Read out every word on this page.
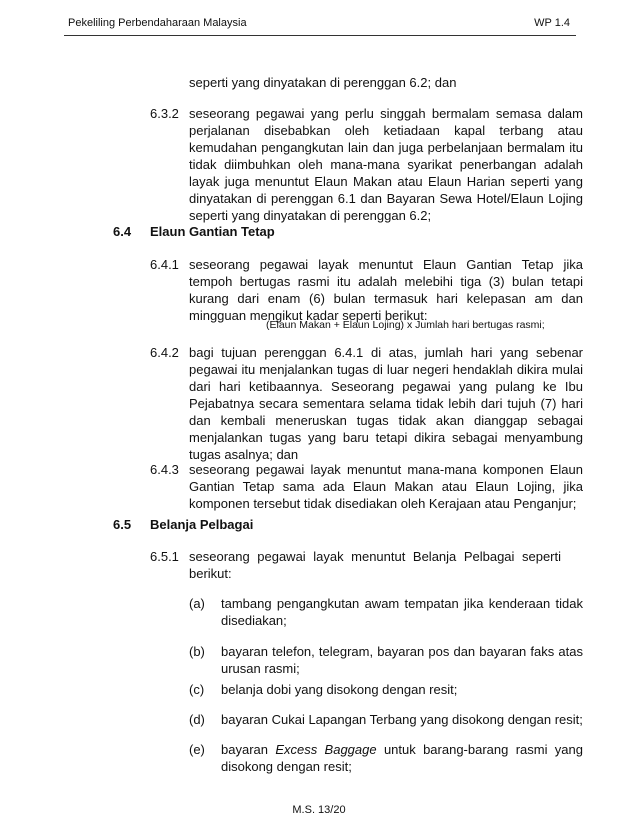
Pekeliling Perbendaharaan Malaysia	WP 1.4
seperti yang dinyatakan di perenggan 6.2; dan
6.3.2 seseorang pegawai yang perlu singgah bermalam semasa dalam perjalanan disebabkan oleh ketiadaan kapal terbang atau kemudahan pengangkutan lain dan juga perbelanjaan bermalam itu tidak diimbuhkan oleh mana-mana syarikat penerbangan adalah layak juga menuntut Elaun Makan atau Elaun Harian seperti yang dinyatakan di perenggan 6.1 dan Bayaran Sewa Hotel/Elaun Lojing seperti yang dinyatakan di perenggan 6.2;
6.4 Elaun Gantian Tetap
6.4.1 seseorang pegawai layak menuntut Elaun Gantian Tetap jika tempoh bertugas rasmi itu adalah melebihi tiga (3) bulan tetapi kurang dari enam (6) bulan termasuk hari kelepasan am dan mingguan mengikut kadar seperti berikut:
(Elaun Makan + Elaun Lojing) x Jumlah hari bertugas rasmi;
6.4.2 bagi tujuan perenggan 6.4.1 di atas, jumlah hari yang sebenar pegawai itu menjalankan tugas di luar negeri hendaklah dikira mulai dari hari ketibaannya. Seseorang pegawai yang pulang ke Ibu Pejabatnya secara sementara selama tidak lebih dari tujuh (7) hari dan kembali meneruskan tugas tidak akan dianggap sebagai menjalankan tugas yang baru tetapi dikira sebagai menyambung tugas asalnya; dan
6.4.3 seseorang pegawai layak menuntut mana-mana komponen Elaun Gantian Tetap sama ada Elaun Makan atau Elaun Lojing, jika komponen tersebut tidak disediakan oleh Kerajaan atau Penganjur;
6.5 Belanja Pelbagai
6.5.1 seseorang pegawai layak menuntut Belanja Pelbagai seperti berikut:
(a) tambang pengangkutan awam tempatan jika kenderaan tidak disediakan;
(b) bayaran telefon, telegram, bayaran pos dan bayaran faks atas urusan rasmi;
(c) belanja dobi yang disokong dengan resit;
(d) bayaran Cukai Lapangan Terbang yang disokong dengan resit;
(e) bayaran Excess Baggage untuk barang-barang rasmi yang disokong dengan resit;
M.S. 13/20
